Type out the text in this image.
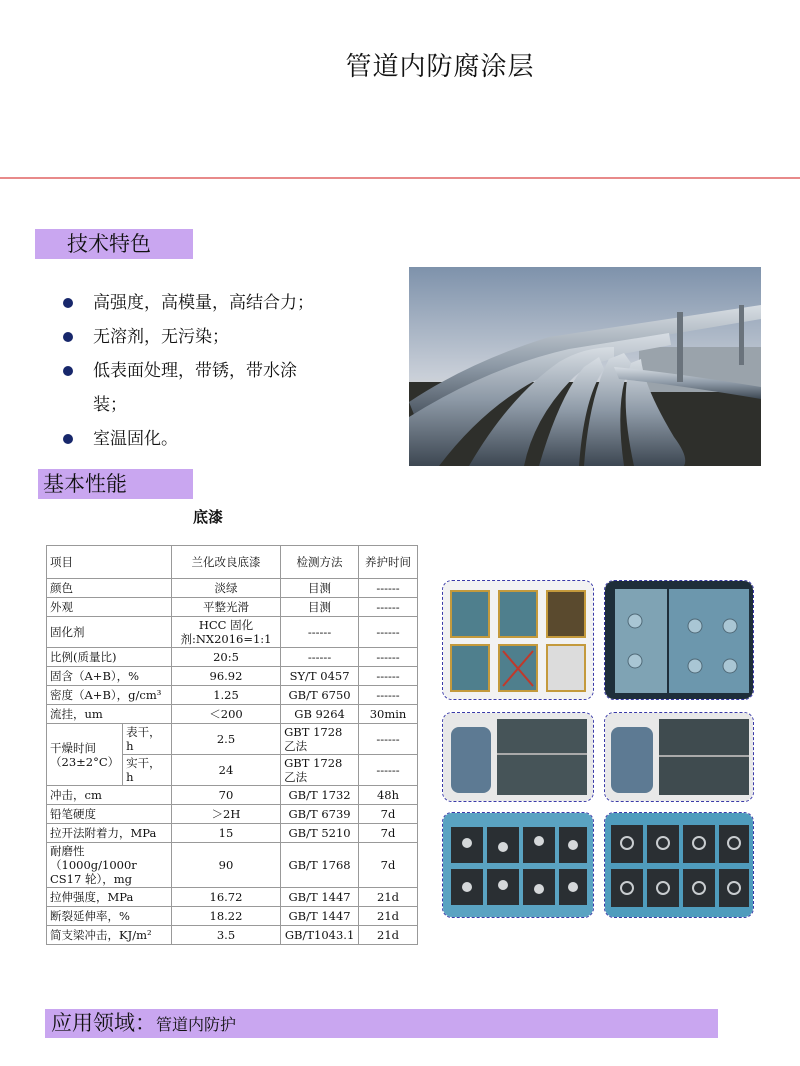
管道内防腐涂层
技术特色
高强度，高模量，高结合力；
无溶剂，无污染；
低表面处理，带锈，带水涂
装；
室温固化。
基本性能
底漆
项目		兰化改良底漆	检测方法	养护时间
颜色		淡绿	目测	------
外观		平整光滑	目测	------
固化剂		HCC 固化剂:NX2016=1:1	------	------
比例(质量比)		20:5	------	------
固含（A+B），%		96.92	SY/T 0457	------
密度（A+B），g/cm³		1.25	GB/T 6750	------
流挂，um		＜200	GB 9264	30min
干燥时间（23±2°C）	表干，h	2.5	GBT 1728 乙法	------
	实干，h	24	GBT 1728 乙法	------
冲击，cm		70	GB/T 1732	48h
铅笔硬度		＞2H	GB/T 6739	7d
拉开法附着力，MPa		15	GB/T 5210	7d
耐磨性（1000g/1000r CS17 轮），mg		90	GB/T 1768	7d
拉伸强度，MPa		16.72	GB/T 1447	21d
断裂延伸率，%		18.22	GB/T 1447	21d
简支梁冲击，KJ/m²		3.5	GB/T1043.1	21d
应用领域：管道内防护
